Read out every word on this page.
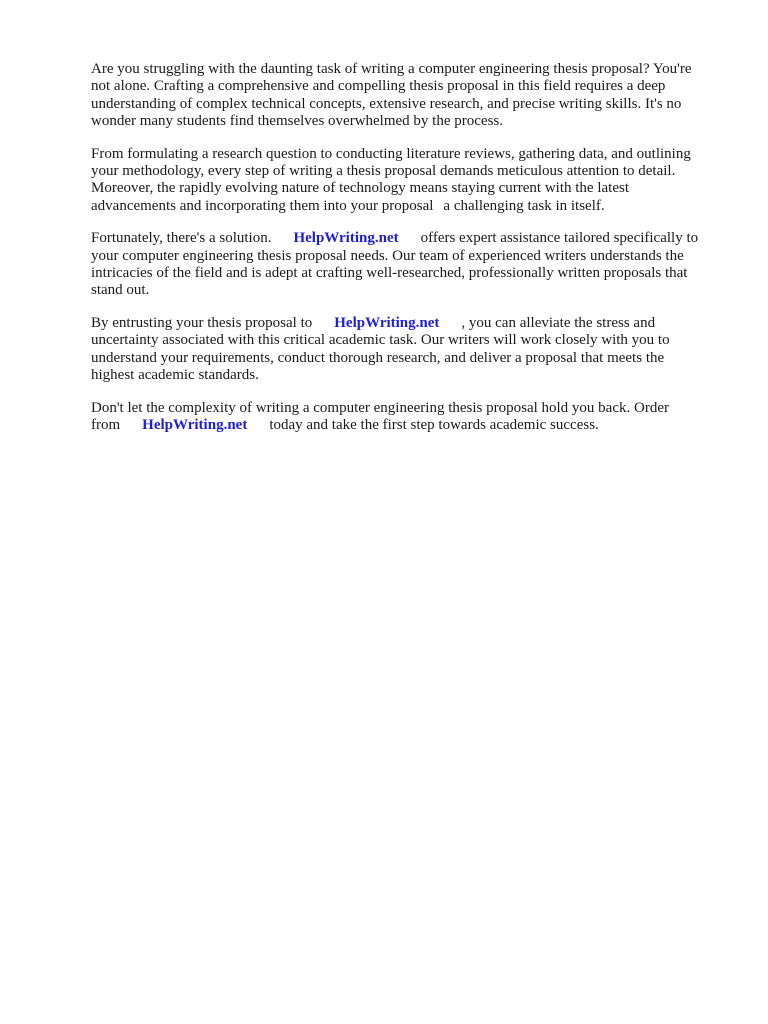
Are you struggling with the daunting task of writing a computer engineering thesis proposal? You're
not alone. Crafting a comprehensive and compelling thesis proposal in this field requires a deep
understanding of complex technical concepts, extensive research, and precise writing skills. It's no
wonder many students find themselves overwhelmed by the process.

From formulating a research question to conducting literature reviews, gathering data, and outlining
your methodology, every step of writing a thesis proposal demands meticulous attention to detail.
Moreover, the rapidly evolving nature of technology means staying current with the latest
advancements and incorporating them into your proposal a challenging task in itself.

Fortunately, there's a solution. HelpWriting.net offers expert assistance tailored specifically to
your computer engineering thesis proposal needs. Our team of experienced writers understands the
intricacies of the field and is adept at crafting well-researched, professionally written proposals that
stand out.

By entrusting your thesis proposal to HelpWriting.net , you can alleviate the stress and
uncertainty associated with this critical academic task. Our writers will work closely with you to
understand your requirements, conduct thorough research, and deliver a proposal that meets the
highest academic standards.

Don't let the complexity of writing a computer engineering thesis proposal hold you back. Order
from HelpWriting.net today and take the first step towards academic success.
